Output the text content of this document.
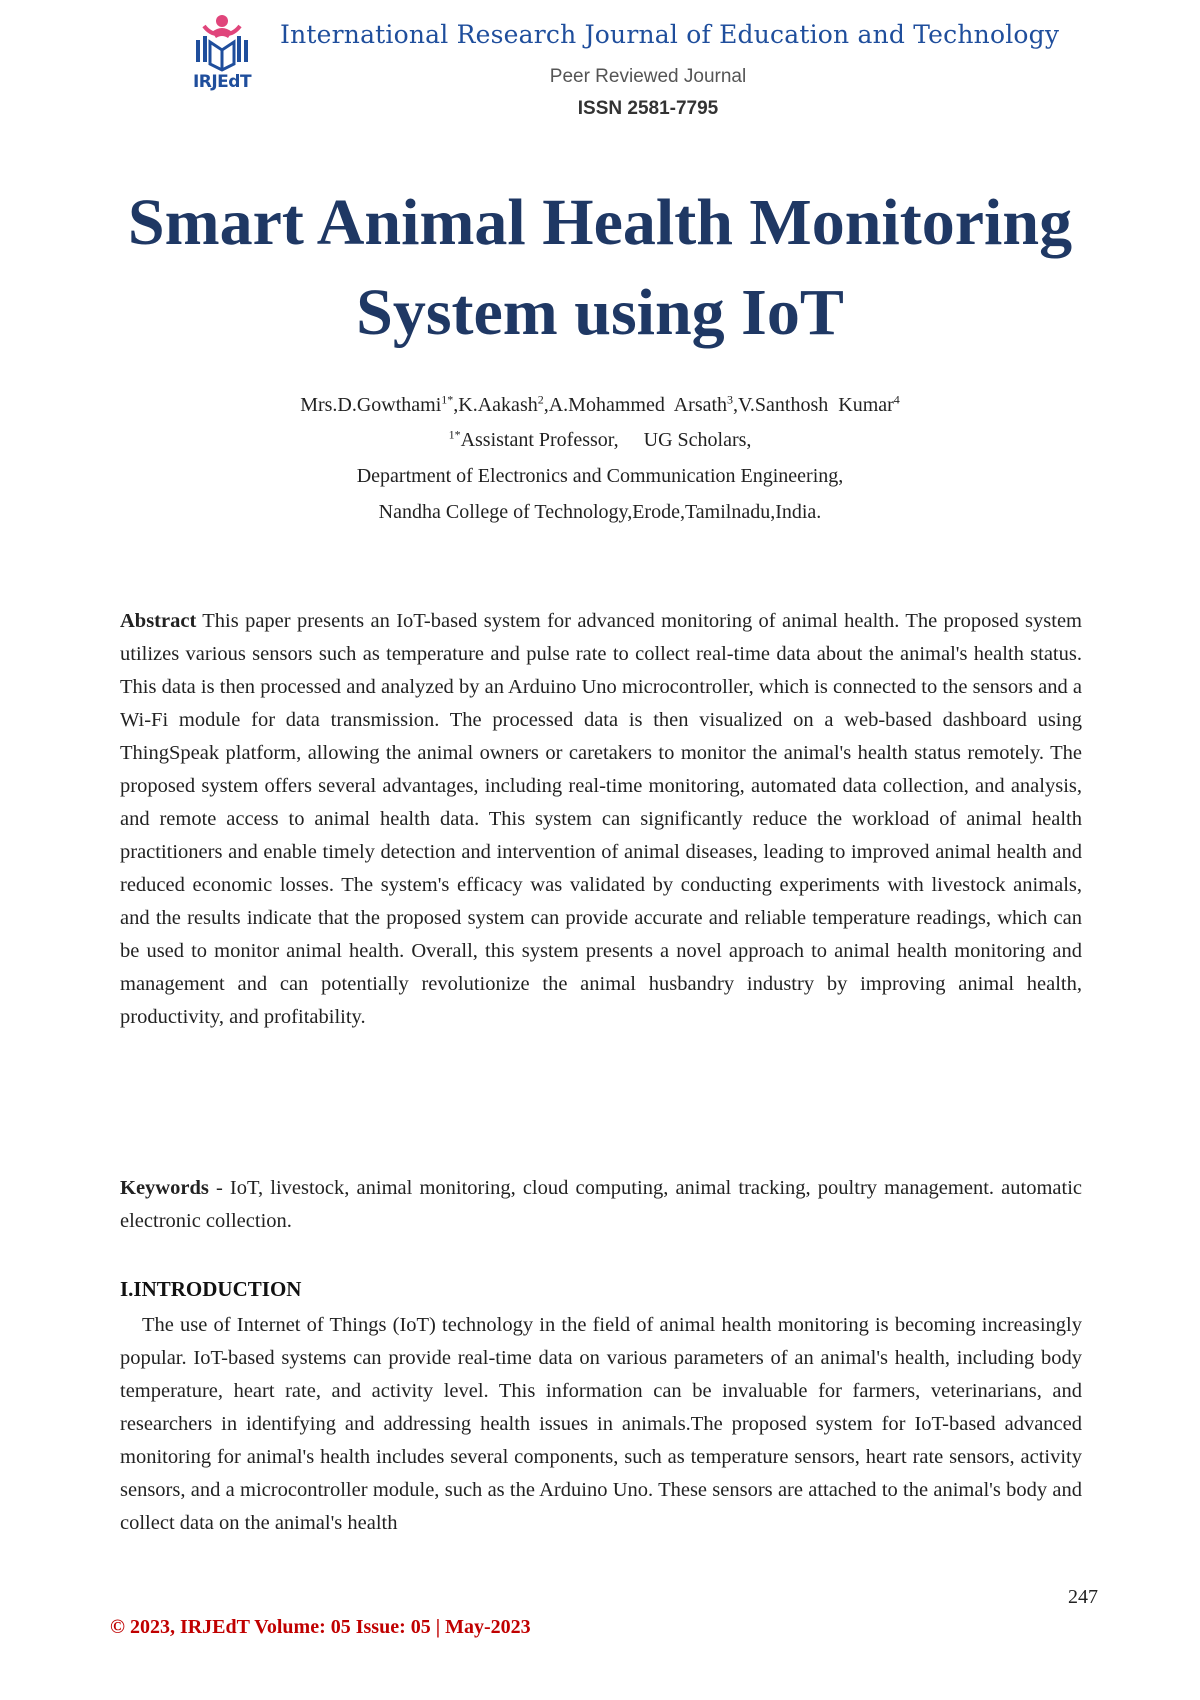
IRJEdT
International Research Journal of Education and Technology
Peer Reviewed Journal
ISSN 2581-7795
Smart Animal Health Monitoring
System using IoT
Mrs.D.Gowthami$^{1*}$,K.Aakash$^2$,A.Mohammed  Arsath$^3$,V.Santhosh  Kumar$^4$
$^{1*}$Assistant Professor,     UG Scholars,
Department of Electronics and Communication Engineering,
Nandha College of Technology,Erode,Tamilnadu,India.
Abstract This paper presents an IoT-based system for advanced monitoring of animal health. The proposed system utilizes various sensors such as temperature and pulse rate to collect real-time data about the animal's health status. This data is then processed and analyzed by an Arduino Uno microcontroller, which is connected to the sensors and a Wi-Fi module for data transmission. The processed data is then visualized on a web-based dashboard using ThingSpeak platform, allowing the animal owners or caretakers to monitor the animal's health status remotely. The proposed system offers several advantages, including real-time monitoring, automated data collection, and analysis, and remote access to animal health data. This system can significantly reduce the workload of animal health practitioners and enable timely detection and intervention of animal diseases, leading to improved animal health and reduced economic losses. The system's efficacy was validated by conducting experiments with livestock animals, and the results indicate that the proposed system can provide accurate and reliable temperature readings, which can be used to monitor animal health. Overall, this system presents a novel approach to animal health monitoring and management and can potentially revolutionize the animal husbandry industry by improving animal health, productivity, and profitability.
Keywords - IoT, livestock, animal monitoring, cloud computing, animal tracking, poultry management. automatic electronic collection.
I.INTRODUCTION
The use of Internet of Things (IoT) technology in the field of animal health monitoring is becoming increasingly popular. IoT-based systems can provide real-time data on various parameters of an animal's health, including body temperature, heart rate, and activity level. This information can be invaluable for farmers, veterinarians, and researchers in identifying and addressing health issues in animals.The proposed system for IoT-based advanced monitoring for animal's health includes several components, such as temperature sensors, heart rate sensors, activity sensors, and a microcontroller module, such as the Arduino Uno. These sensors are attached to the animal's body and collect data on the animal's health
247
© 2023, IRJEdT Volume: 05 Issue: 05 | May-2023
